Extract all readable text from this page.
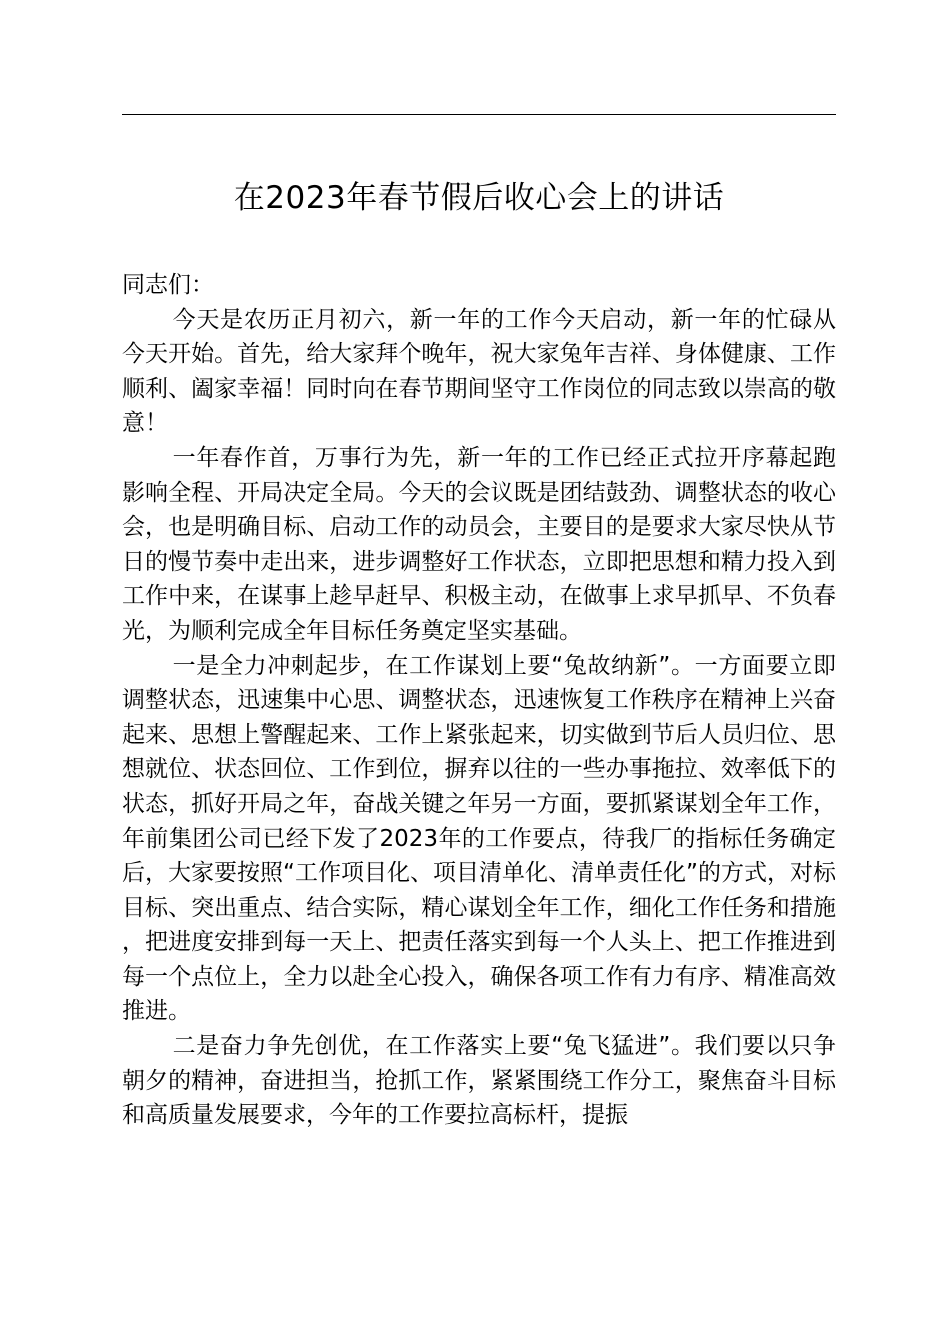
在2023年春节假后收心会上的讲话

同志们：

今天是农历正月初六，新一年的工作今天启动，新一年的忙碌从今天开始。首先，给大家拜个晚年，祝大家兔年吉祥、身体健康、工作顺利、阖家幸福！同时向在春节期间坚守工作岗位的同志致以崇高的敬意！

一年春作首，万事行为先，新一年的工作已经正式拉开序幕起跑影响全程、开局决定全局。今天的会议既是团结鼓劲、调整状态的收心会，也是明确目标、启动工作的动员会，主要目的是要求大家尽快从节日的慢节奏中走出来，进步调整好工作状态，立即把思想和精力投入到工作中来，在谋事上趁早赶早、积极主动，在做事上求早抓早、不负春光，为顺利完成全年目标任务奠定坚实基础。

一是全力冲刺起步，在工作谋划上要“兔故纳新”。一方面要立即调整状态，迅速集中心思、调整状态，迅速恢复工作秩序在精神上兴奋起来、思想上警醒起来、工作上紧张起来，切实做到节后人员归位、思想就位、状态回位、工作到位，摒弃以往的一些办事拖拉、效率低下的状态，抓好开局之年，奋战关键之年另一方面，要抓紧谋划全年工作，年前集团公司已经下发了2023年的工作要点，待我厂的指标任务确定后，大家要按照“工作项目化、项目清单化、清单责任化”的方式，对标目标、突出重点、结合实际，精心谋划全年工作，细化工作任务和措施，把进度安排到每一天上、把责任落实到每一个人头上、把工作推进到每一个点位上，全力以赴全心投入，确保各项工作有力有序、精准高效推进。

二是奋力争先创优，在工作落实上要“兔飞猛进”。我们要以只争朝夕的精神，奋进担当，抢抓工作，紧紧围绕工作分工，聚焦奋斗目标和高质量发展要求，今年的工作要拉高标杆，提振
